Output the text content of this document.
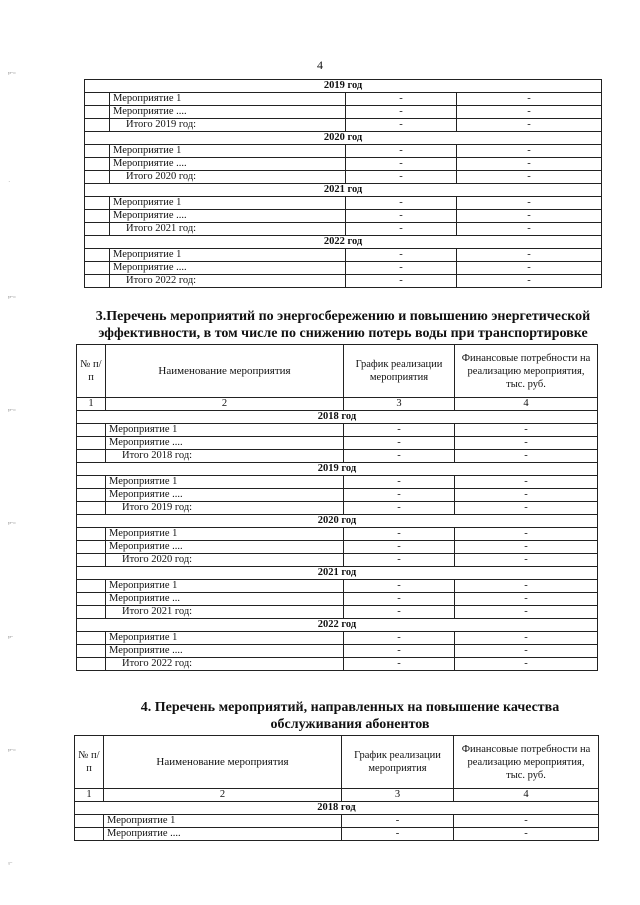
4
ₚ₋₌
˙
ₚ₋₌
ₚ₋₌
ₚ₋₌
ₚ₋
ₚ₋₌
ₓ₋
2019 год			
	Мероприятие 1	-	-
	Мероприятие ....	-	-
	Итого 2019 год:	-	-
2020 год			
	Мероприятие 1	-	-
	Мероприятие ....	-	-
	Итого 2020 год:	-	-
2021 год			
	Мероприятие 1	-	-
	Мероприятие ....	-	-
	Итого 2021 год:	-	-
2022 год			
	Мероприятие 1	-	-
	Мероприятие ....	-	-
	Итого 2022 год:	-	-
3.Перечень мероприятий по энергосбережению и повышению энергетической
эффективности, в том числе по снижению потерь воды при транспортировке
№ п/п	Наименование мероприятия	График реализации мероприятия	Финансовые потребности на реализацию мероприятия, тыс. руб.
1	2	3	4
2018 год			
	Мероприятие 1	-	-
	Мероприятие ....	-	-
	Итого 2018 год:	-	-
2019 год			
	Мероприятие 1	-	-
	Мероприятие ....	-	-
	Итого 2019 год:	-	-
2020 год			
	Мероприятие 1	-	-
	Мероприятие ....	-	-
	Итого 2020 год:	-	-
2021 год			
	Мероприятие 1	-	-
	Мероприятие ...	-	-
	Итого 2021 год:	-	-
2022 год			
	Мероприятие 1	-	-
	Мероприятие ....	-	-
	Итого 2022 год:	-	-
4. Перечень мероприятий, направленных на повышение качества
обслуживания абонентов
№ п/п	Наименование мероприятия	График реализации мероприятия	Финансовые потребности на реализацию мероприятия, тыс. руб.
1	2	3	4
2018 год			
	Мероприятие 1	-	-
	Мероприятие ....	-	-
